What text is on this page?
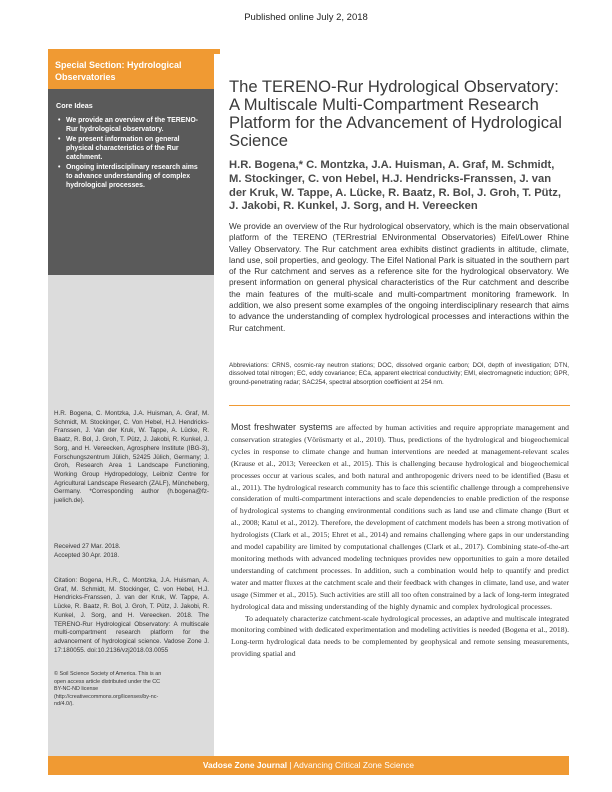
Published online July 2, 2018
Special Section: Hydrological Observatories
Core Ideas
• We provide an overview of the TERENO-Rur hydrological observatory.
• We present information on general physical characteristics of the Rur catchment.
• Ongoing interdisciplinary research aims to advance understanding of complex hydrological processes.
H.R. Bogena, C. Montzka, J.A. Huisman, A. Graf, M. Schmidt, M. Stockinger, C. Von Hebel, H.J. Hendricks-Franssen, J. Van der Kruk, W. Tappe, A. Lücke, R. Baatz, R. Bol, J. Groh, T. Pütz, J. Jakobi, R. Kunkel, J. Sorg, and H. Vereecken, Agrosphere Institute (IBG-3), Forschungszentrum Jülich, 52425 Jülich, Germany; J. Groh, Research Area 1 Landscape Functioning, Working Group Hydropedology, Leibniz Centre for Agricultural Landscape Research (ZALF), Müncheberg, Germany. *Corresponding author (h.bogena@fz-juelich.de).
Received 27 Mar. 2018.
Accepted 30 Apr. 2018.
Citation: Bogena, H.R., C. Montzka, J.A. Huisman, A. Graf, M. Schmidt, M. Stockinger, C. von Hebel, H.J. Hendricks-Franssen, J. van der Kruk, W. Tappe, A. Lücke, R. Baatz, R. Bol, J. Groh, T. Pütz, J. Jakobi, R. Kunkel, J. Sorg, and H. Vereecken. 2018. The TERENO-Rur Hydrological Observatory: A multiscale multi-compartment research platform for the advancement of hydrological science. Vadose Zone J. 17:180055. doi:10.2136/vzj2018.03.0055
© Soil Science Society of America. This is an open access article distributed under the CC BY-NC-ND license (http://creativecommons.org/licenses/by-nc-nd/4.0/).
The TERENO-Rur Hydrological Observatory: A Multiscale Multi-Compartment Research Platform for the Advancement of Hydrological Science
H.R. Bogena,* C. Montzka, J.A. Huisman, A. Graf, M. Schmidt, M. Stockinger, C. von Hebel, H.J. Hendricks-Franssen, J. van der Kruk, W. Tappe, A. Lücke, R. Baatz, R. Bol, J. Groh, T. Pütz, J. Jakobi, R. Kunkel, J. Sorg, and H. Vereecken
We provide an overview of the Rur hydrological observatory, which is the main observational platform of the TERENO (TERrestrial ENvironmental Observatories) Eifel/Lower Rhine Valley Observatory. The Rur catchment area exhibits distinct gradients in altitude, climate, land use, soil properties, and geology. The Eifel National Park is situated in the southern part of the Rur catchment and serves as a reference site for the hydrological observatory. We present information on general physical characteristics of the Rur catchment and describe the main features of the multi-scale and multi-compartment monitoring framework. In addition, we also present some examples of the ongoing interdisciplinary research that aims to advance the understanding of complex hydrological processes and interactions within the Rur catchment.
Abbreviations: CRNS, cosmic-ray neutron stations; DOC, dissolved organic carbon; DOI, depth of investigation; DTN, dissolved total nitrogen; EC, eddy covariance; ECa, apparent electrical conductivity; EMI, electromagnetic induction; GPR, ground-penetrating radar; SAC254, spectral absorption coefficient at 254 nm.

Most freshwater systems are affected by human activities and require appropriate management and conservation strategies (Vörösmarty et al., 2010). Thus, predictions of the hydrological and biogeochemical cycles in response to climate change and human interventions are needed at management-relevant scales (Krause et al., 2013; Vereecken et al., 2015). This is challenging because hydrological and biogeochemical processes occur at various scales, and both natural and anthropogenic drivers need to be identified (Basu et al., 2011). The hydrological research community has to face this scientific challenge through a comprehensive consideration of multi-compartment interactions and scale dependencies to enable prediction of the response of hydrological systems to changing environmental conditions such as land use and climate change (Burt et al., 2008; Katul et al., 2012). Therefore, the development of catchment models has been a strong motivation of hydrologists (Clark et al., 2015; Ehret et al., 2014) and remains challenging where gaps in our understanding and model capability are limited by computational challenges (Clark et al., 2017). Combining state-of-the-art monitoring methods with advanced modeling techniques provides new opportunities to gain a more detailed understanding of catchment processes. In addition, such a combination would help to quantify and predict water and matter fluxes at the catchment scale and their feedback with changes in climate, land use, and water usage (Simmer et al., 2015). Such activities are still all too often constrained by a lack of long-term integrated hydrological data and missing understanding of the highly dynamic and complex hydrological processes.

To adequately characterize catchment-scale hydrological processes, an adaptive and multiscale integrated monitoring combined with dedicated experimentation and modeling activities is needed (Bogena et al., 2018). Long-term hydrological data needs to be complemented by geophysical and remote sensing measurements, providing spatial and

Vadose Zone Journal | Advancing Critical Zone Science
